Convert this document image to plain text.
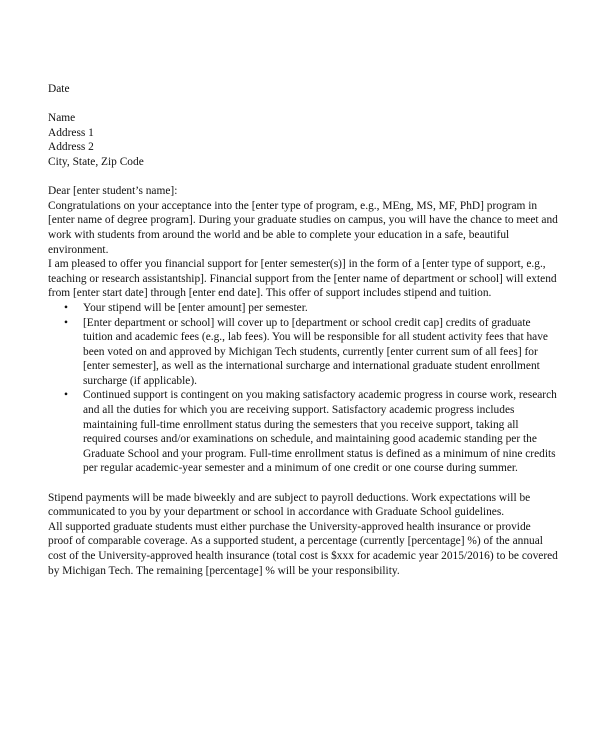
Date

Name

Address 1

Address 2

City, State, Zip Code

Dear [enter student’s name]:

Congratulations on your acceptance into the [enter type of program, e.g., MEng, MS, MF, PhD] program in [enter name of degree program]. During your graduate studies on campus, you will have the chance to meet and work with students from around the world and be able to complete your education in a safe, beautiful environment.

I am pleased to offer you financial support for [enter semester(s)] in the form of a [enter type of support, e.g., teaching or research assistantship]. Financial support from the [enter name of department or school] will extend from [enter start date] through [enter end date]. This offer of support includes stipend and tuition.

• Your stipend will be [enter amount] per semester.
• [Enter department or school] will cover up to [department or school credit cap] credits of graduate tuition and academic fees (e.g., lab fees). You will be responsible for all student activity fees that have been voted on and approved by Michigan Tech students, currently [enter current sum of all fees] for [enter semester], as well as the international surcharge and international graduate student enrollment surcharge (if applicable).
• Continued support is contingent on you making satisfactory academic progress in course work, research and all the duties for which you are receiving support. Satisfactory academic progress includes maintaining full-time enrollment status during the semesters that you receive support, taking all required courses and/or examinations on schedule, and maintaining good academic standing per the Graduate School and your program. Full-time enrollment status is defined as a minimum of nine credits per regular academic-year semester and a minimum of one credit or one course during summer.

Stipend payments will be made biweekly and are subject to payroll deductions. Work expectations will be communicated to you by your department or school in accordance with Graduate School guidelines.

All supported graduate students must either purchase the University-approved health insurance or provide proof of comparable coverage. As a supported student, a percentage (currently [percentage] %) of the annual cost of the University-approved health insurance (total cost is $xxx for academic year 2015/2016) to be covered by Michigan Tech. The remaining [percentage] % will be your responsibility.
